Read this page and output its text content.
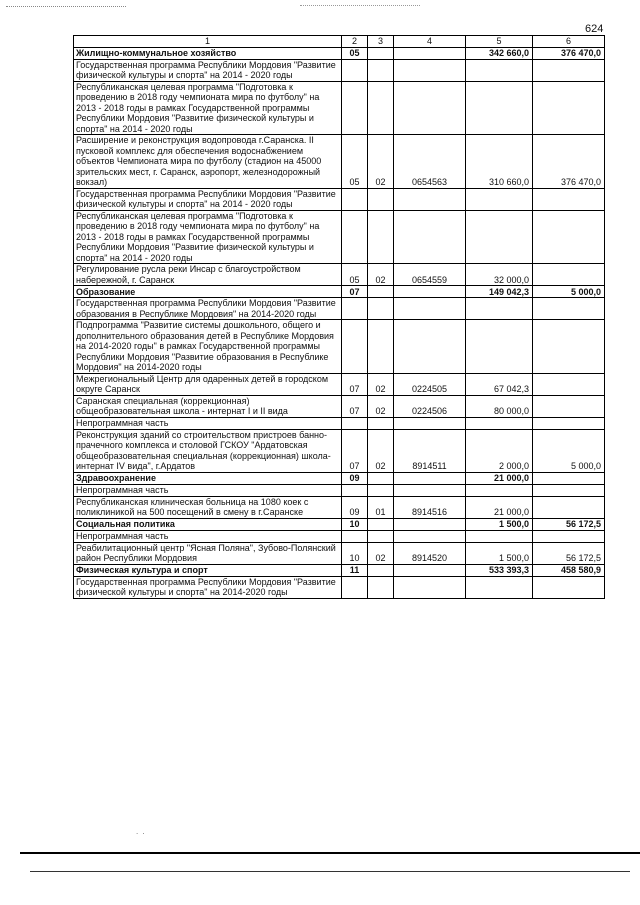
624
1	2	3	4	5	6
Жилищно-коммунальное хозяйство	05			342 660,0	376 470,0
Государственная программа Республики Мордовия "Развитие физической культуры и спорта" на 2014 - 2020 годы					
Республиканская целевая программа "Подготовка к проведению в 2018 году чемпионата мира по футболу" на 2013 - 2018 годы в рамках Государственной программы Республики Мордовия "Развитие физической культуры и спорта" на 2014 - 2020 годы					
Расширение и реконструкция водопровода г.Саранска. II пусковой комплекс для обеспечения водоснабжением объектов Чемпионата мира по футболу (стадион на 45000 зрительских мест, г. Саранск, аэропорт, железнодорожный вокзал)	05	02	0654563	310 660,0	376 470,0
Государственная программа Республики Мордовия "Развитие физической культуры и спорта" на 2014 - 2020 годы					
Республиканская целевая программа "Подготовка к проведению в 2018 году чемпионата мира по футболу" на 2013 - 2018 годы в рамках Государственной программы Республики Мордовия "Развитие физической культуры и спорта" на 2014 - 2020 годы					
Регулирование русла реки Инсар с благоустройством набережной, г. Саранск	05	02	0654559	32 000,0	
Образование	07			149 042,3	5 000,0
Государственная программа Республики Мордовия "Развитие образования в Республике Мордовия" на 2014-2020 годы					
Подпрограмма "Развитие системы дошкольного, общего и дополнительного образования детей в Республике Мордовия на 2014-2020 годы" в рамках Государственной программы Республики Мордовия "Развитие образования в Республике Мордовия" на 2014-2020 годы					
Межрегиональный Центр для одаренных детей в городском округе Саранск	07	02	0224505	67 042,3	
Саранская специальная (коррекционная) общеобразовательная школа - интернат I и II вида	07	02	0224506	80 000,0	
Непрограммная часть					
Реконструкция зданий со строительством пристроев банно-прачечного комплекса и столовой ГСКОУ "Ардатовская общеобразовательная специальная (коррекционная) школа-интернат IV вида", г.Ардатов	07	02	8914511	2 000,0	5 000,0
Здравоохранение	09			21 000,0	
Непрограммная часть					
Республиканская клиническая больница на 1080 коек с поликлиникой на 500 посещений в смену в г.Саранске	09	01	8914516	21 000,0	
Социальная политика	10			1 500,0	56 172,5
Непрограммная часть					
Реабилитационный центр "Ясная Поляна", Зубово-Полянский район Республики Мордовия	10	02	8914520	1 500,0	56 172,5
Физическая культура и спорт	11			533 393,3	458 580,9
Государственная программа Республики Мордовия "Развитие физической культуры и спорта" на 2014-2020 годы					
. .
